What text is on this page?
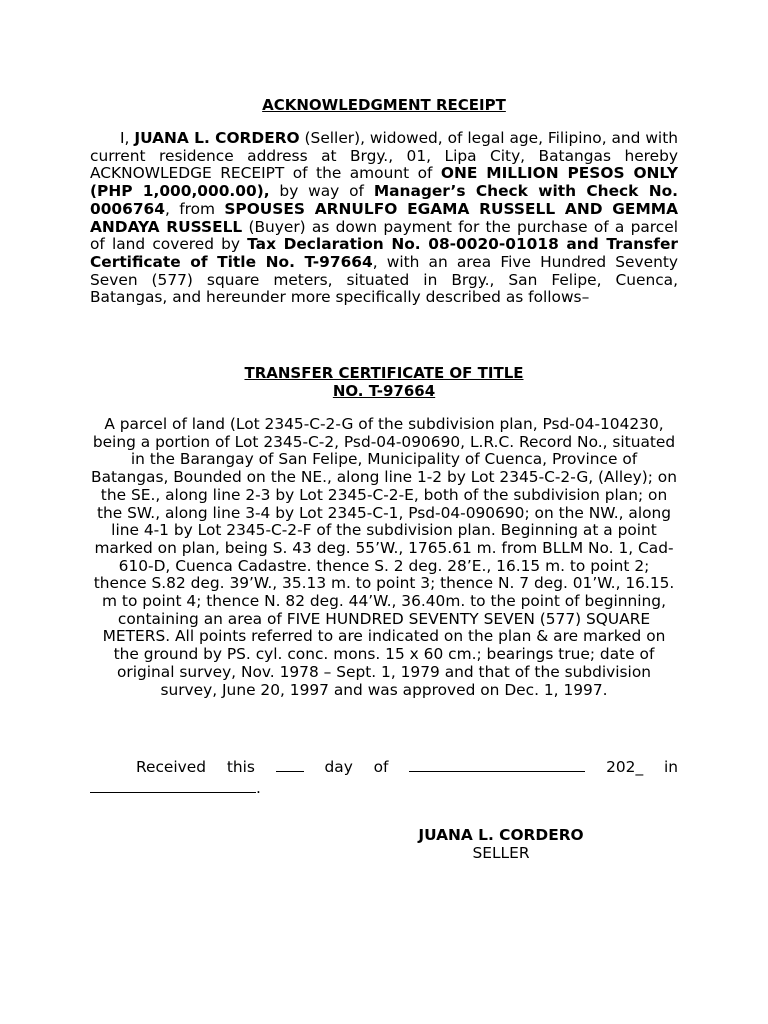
ACKNOWLEDGMENT RECEIPT
I, JUANA L. CORDERO (Seller), widowed, of legal age, Filipino, and with current residence address at Brgy., 01, Lipa City, Batangas hereby ACKNOWLEDGE RECEIPT of the amount of ONE MILLION PESOS ONLY (PHP 1,000,000.00), by way of Manager’s Check with Check No. 0006764, from SPOUSES ARNULFO EGAMA RUSSELL AND GEMMA ANDAYA RUSSELL (Buyer) as down payment for the purchase of a parcel of land covered by Tax Declaration No. 08-0020-01018 and Transfer Certificate of Title No. T-97664, with an area Five Hundred Seventy Seven (577) square meters, situated in Brgy., San Felipe, Cuenca, Batangas, and hereunder more specifically described as follows–
TRANSFER CERTIFICATE OF TITLE
NO. T-97664
A parcel of land (Lot 2345-C-2-G of the subdivision plan, Psd-04-104230, being a portion of Lot 2345-C-2, Psd-04-090690, L.R.C. Record No., situated in the Barangay of San Felipe, Municipality of Cuenca, Province of Batangas, Bounded on the NE., along line 1-2 by Lot 2345-C-2-G, (Alley); on the SE., along line 2-3 by Lot 2345-C-2-E, both of the subdivision plan; on the SW., along line 3-4 by Lot 2345-C-1, Psd-04-090690; on the NW., along line 4-1 by Lot 2345-C-2-F of the subdivision plan. Beginning at a point marked on plan, being S. 43 deg. 55’W., 1765.61 m. from BLLM No. 1, Cad-610-D, Cuenca Cadastre. thence S. 2 deg. 28’E., 16.15 m. to point 2; thence S.82 deg. 39’W., 35.13 m. to point 3; thence N. 7 deg. 01’W., 16.15. m to point 4; thence N. 82 deg. 44’W., 36.40m. to the point of beginning, containing an area of FIVE HUNDRED SEVENTY SEVEN (577) SQUARE METERS. All points referred to are indicated on the plan & are marked on the ground by PS. cyl. conc. mons. 15 x 60 cm.; bearings true; date of original survey, Nov. 1978 – Sept. 1, 1979 and that of the subdivision survey, June 20, 1997 and was approved on Dec. 1, 1997.
Received this	day of	202_ in
.
JUANA L. CORDERO
SELLER
